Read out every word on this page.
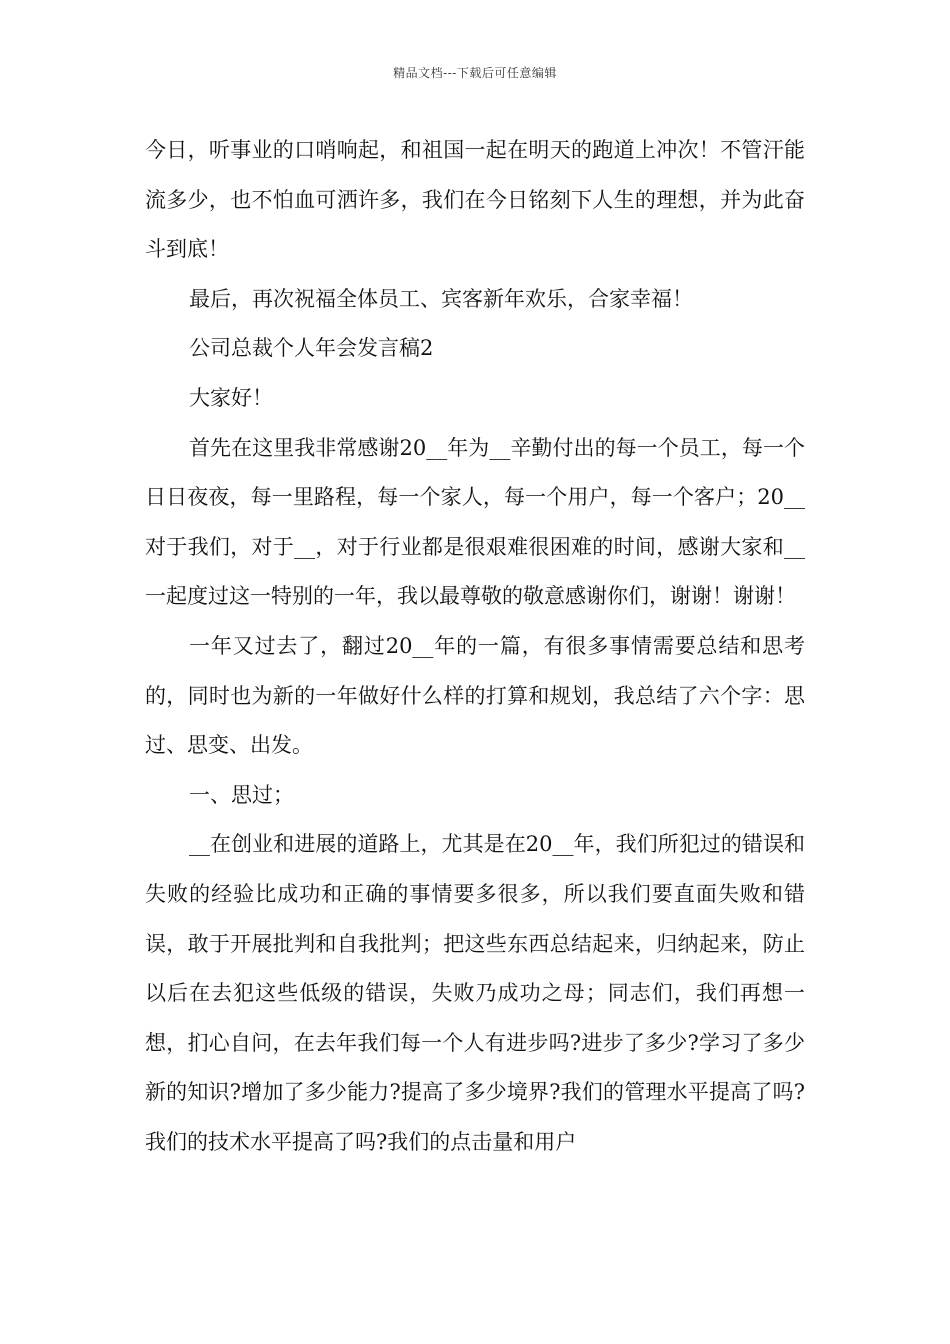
精品文档---下载后可任意编辑

今日，听事业的口哨响起，和祖国一起在明天的跑道上冲次！不管汗能流多少，也不怕血可洒许多，我们在今日铭刻下人生的理想，并为此奋斗到底！

最后，再次祝福全体员工、宾客新年欢乐，合家幸福！

公司总裁个人年会发言稿2

大家好！

首先在这里我非常感谢20__年为__辛勤付出的每一个员工，每一个日日夜夜，每一里路程，每一个家人，每一个用户，每一个客户；20__对于我们，对于__，对于行业都是很艰难很困难的时间，感谢大家和__一起度过这一特别的一年，我以最尊敬的敬意感谢你们，谢谢！谢谢！

一年又过去了，翻过20__年的一篇，有很多事情需要总结和思考的，同时也为新的一年做好什么样的打算和规划，我总结了六个字：思过、思变、出发。

一、思过；

__在创业和进展的道路上，尤其是在20__年，我们所犯过的错误和失败的经验比成功和正确的事情要多很多，所以我们要直面失败和错误，敢于开展批判和自我批判；把这些东西总结起来，归纳起来，防止以后在去犯这些低级的错误，失败乃成功之母；同志们，我们再想一想，扪心自问，在去年我们每一个人有进步吗?进步了多少?学习了多少新的知识?增加了多少能力?提高了多少境界?我们的管理水平提高了吗?我们的技术水平提高了吗?我们的点击量和用户
